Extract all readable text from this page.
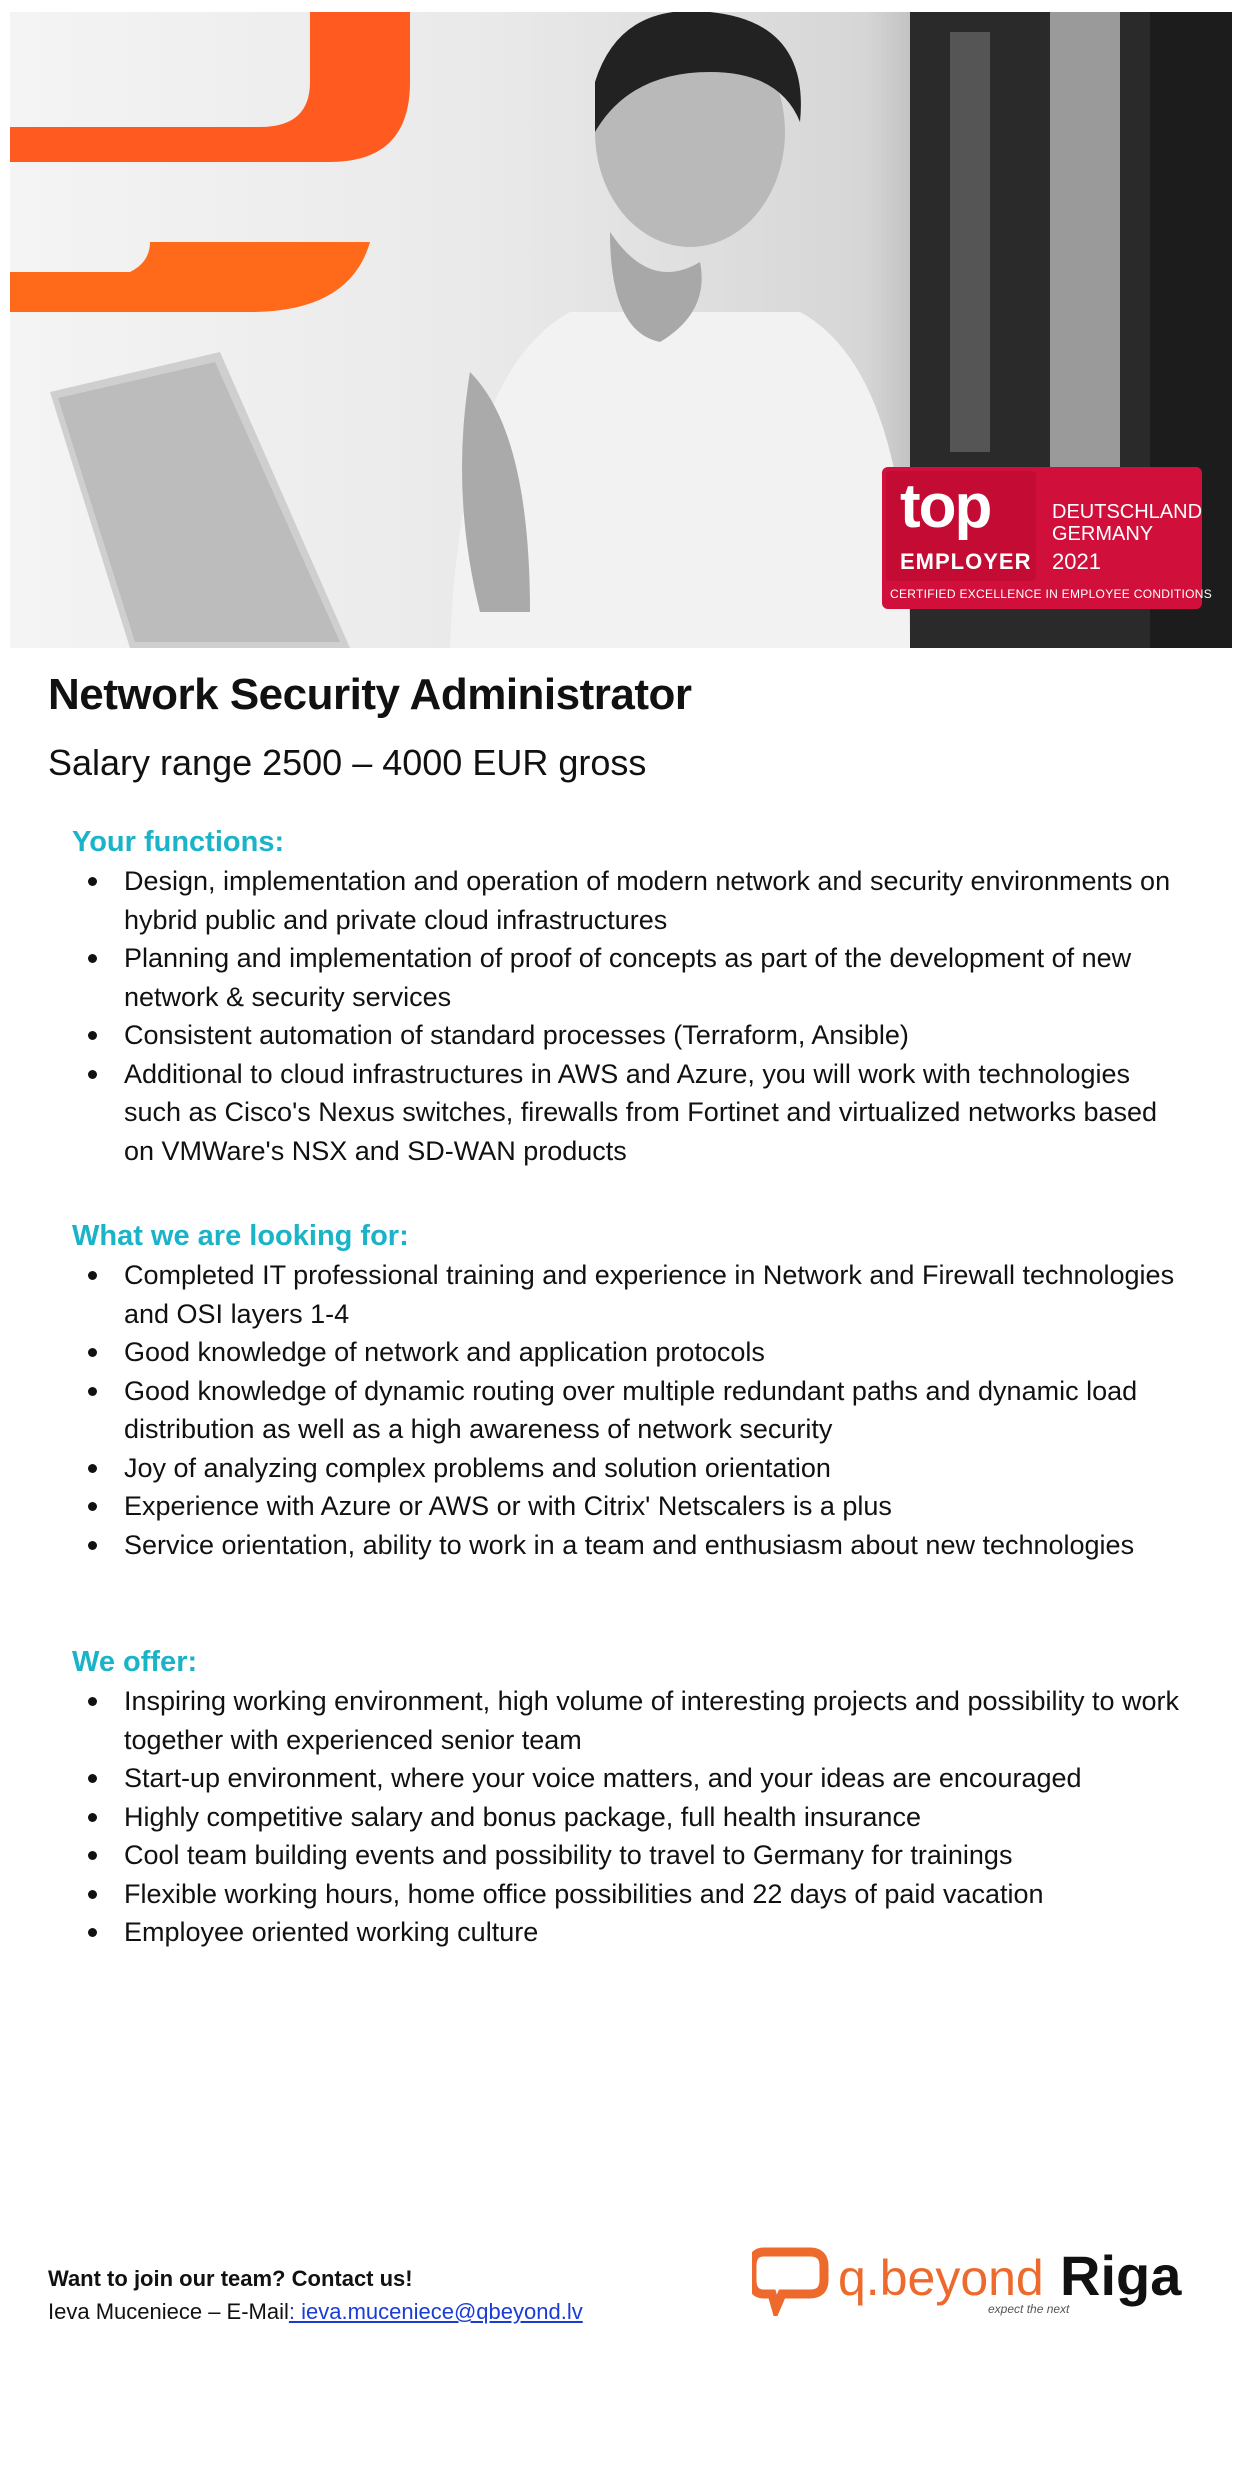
top
EMPLOYER
DEUTSCHLAND
GERMANY
2021
CERTIFIED EXCELLENCE IN EMPLOYEE CONDITIONS
Network Security Administrator
Salary range 2500 – 4000 EUR gross
Your functions:
Design, implementation and operation of modern network and security environments on hybrid public and private cloud infrastructures
Planning and implementation of proof of concepts as part of the development of new network & security services
Consistent automation of standard processes (Terraform, Ansible)
Additional to cloud infrastructures in AWS and Azure, you will work with technologies such as Cisco's Nexus switches, firewalls from Fortinet and virtualized networks based on VMWare's NSX and SD-WAN products
What we are looking for:
Completed IT professional training and experience in Network and Firewall technologies and OSI layers 1-4
Good knowledge of network and application protocols
Good knowledge of dynamic routing over multiple redundant paths and dynamic load distribution as well as a high awareness of network security
Joy of analyzing complex problems and solution orientation
Experience with Azure or AWS or with Citrix' Netscalers is a plus
Service orientation, ability to work in a team and enthusiasm about new technologies
We offer:
Inspiring working environment, high volume of interesting projects and possibility to work together with experienced senior team
Start-up environment, where your voice matters, and your ideas are encouraged
Highly competitive salary and bonus package, full health insurance
Cool team building events and possibility to travel to Germany for trainings
Flexible working hours, home office possibilities and 22 days of paid vacation
Employee oriented working culture
Want to join our team? Contact us!
Ieva Muceniece – E-Mail: ieva.muceniece@qbeyond.lv
q.beyond
expect the next
Riga
